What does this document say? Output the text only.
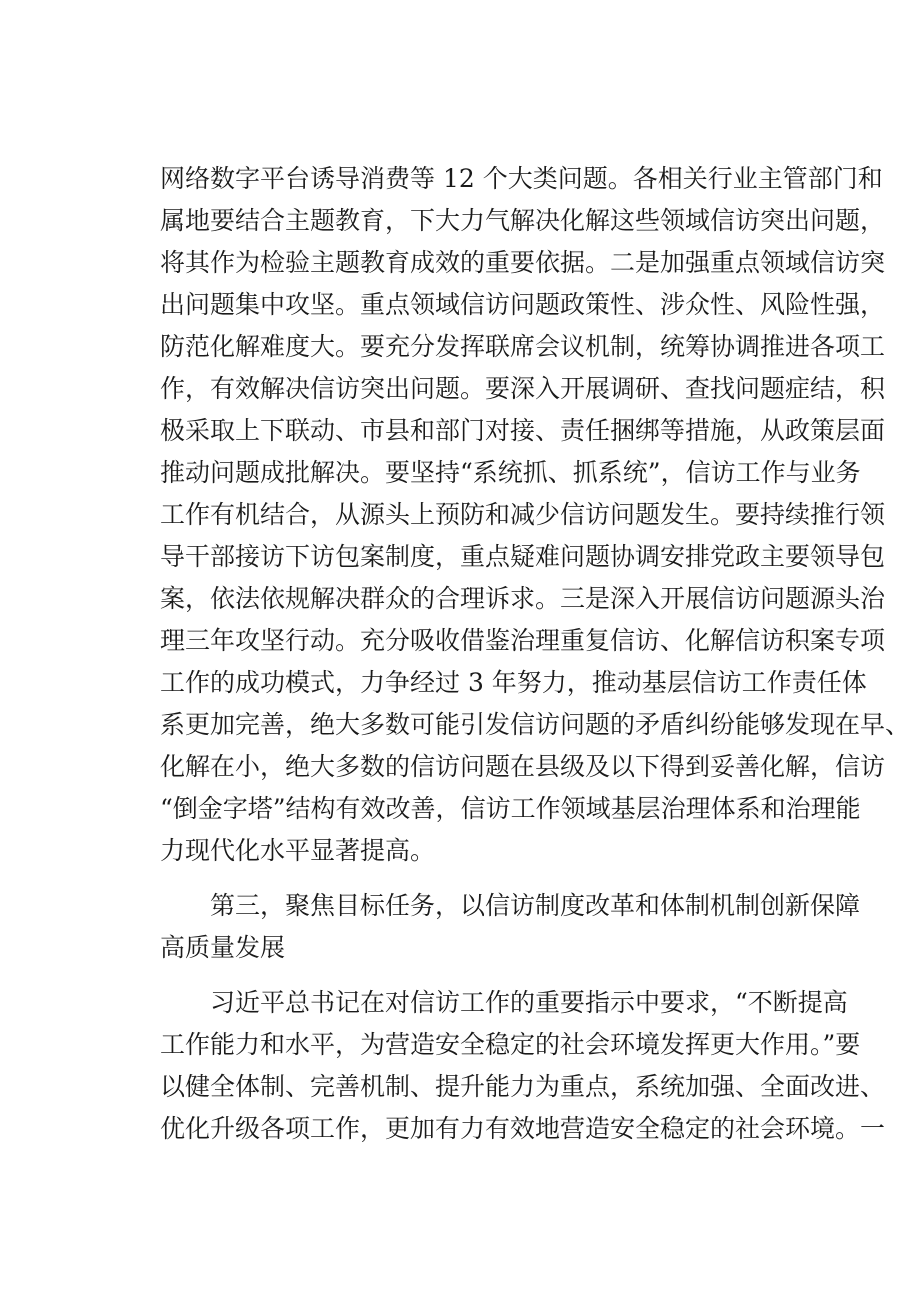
网络数字平台诱导消费等 12 个大类问题。各相关行业主管部门和
属地要结合主题教育，下大力气解决化解这些领域信访突出问题，
将其作为检验主题教育成效的重要依据。二是加强重点领域信访突
出问题集中攻坚。重点领域信访问题政策性、涉众性、风险性强，
防范化解难度大。要充分发挥联席会议机制，统筹协调推进各项工
作，有效解决信访突出问题。要深入开展调研、查找问题症结，积
极采取上下联动、市县和部门对接、责任捆绑等措施，从政策层面
推动问题成批解决。要坚持“系统抓、抓系统”，信访工作与业务
工作有机结合，从源头上预防和减少信访问题发生。要持续推行领
导干部接访下访包案制度，重点疑难问题协调安排党政主要领导包
案，依法依规解决群众的合理诉求。三是深入开展信访问题源头治
理三年攻坚行动。充分吸收借鉴治理重复信访、化解信访积案专项
工作的成功模式，力争经过 3 年努力，推动基层信访工作责任体
系更加完善，绝大多数可能引发信访问题的矛盾纠纷能够发现在早、
化解在小，绝大多数的信访问题在县级及以下得到妥善化解，信访
“倒金字塔”结构有效改善，信访工作领域基层治理体系和治理能
力现代化水平显著提高。
第三，聚焦目标任务，以信访制度改革和体制机制创新保障
高质量发展
习近平总书记在对信访工作的重要指示中要求，“不断提高
工作能力和水平，为营造安全稳定的社会环境发挥更大作用。”要
以健全体制、完善机制、提升能力为重点，系统加强、全面改进、
优化升级各项工作，更加有力有效地营造安全稳定的社会环境。一
